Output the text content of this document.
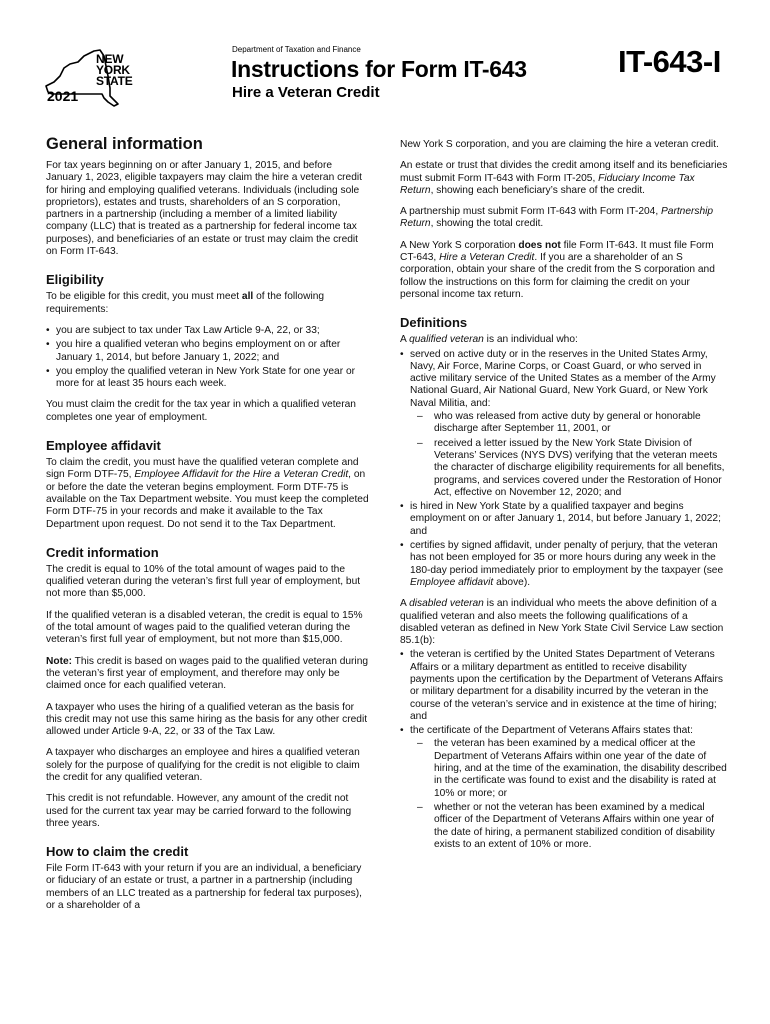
NEW
YORK
STATE
2021
Department of Taxation and Finance
Instructions for Form IT-643
Hire a Veteran Credit
IT-643-I
General information

For tax years beginning on or after January 1, 2015, and before January 1, 2023, eligible taxpayers may claim the hire a veteran credit for hiring and employing qualified veterans. Individuals (including sole proprietors), estates and trusts, shareholders of an S corporation, partners in a partnership (including a member of a limited liability company (LLC) that is treated as a partnership for federal income tax purposes), and beneficiaries of an estate or trust may claim the credit on Form IT-643.

Eligibility

To be eligible for this credit, you must meet all of the following requirements:

• you are subject to tax under Tax Law Article 9-A, 22, or 33;
• you hire a qualified veteran who begins employment on or after January 1, 2014, but before January 1, 2022; and
• you employ the qualified veteran in New York State for one year or more for at least 35 hours each week.

You must claim the credit for the tax year in which a qualified veteran completes one year of employment.

Employee affidavit

To claim the credit, you must have the qualified veteran complete and sign Form DTF-75, Employee Affidavit for the Hire a Veteran Credit, on or before the date the veteran begins employment. Form DTF-75 is available on the Tax Department website. You must keep the completed Form DTF-75 in your records and make it available to the Tax Department upon request. Do not send it to the Tax Department.

Credit information

The credit is equal to 10% of the total amount of wages paid to the qualified veteran during the veteran’s first full year of employment, but not more than $5,000.

If the qualified veteran is a disabled veteran, the credit is equal to 15% of the total amount of wages paid to the qualified veteran during the veteran’s first full year of employment, but not more than $15,000.

Note: This credit is based on wages paid to the qualified veteran during the veteran’s first year of employment, and therefore may only be claimed once for each qualified veteran.

A taxpayer who uses the hiring of a qualified veteran as the basis for this credit may not use this same hiring as the basis for any other credit allowed under Article 9-A, 22, or 33 of the Tax Law.

A taxpayer who discharges an employee and hires a qualified veteran solely for the purpose of qualifying for the credit is not eligible to claim the credit for any qualified veteran.

This credit is not refundable. However, any amount of the credit not used for the current tax year may be carried forward to the following three years.

How to claim the credit

File Form IT-643 with your return if you are an individual, a beneficiary or fiduciary of an estate or trust, a partner in a partnership (including members of an LLC treated as a partnership for federal tax purposes), or a shareholder of a

New York S corporation, and you are claiming the hire a veteran credit.

An estate or trust that divides the credit among itself and its beneficiaries must submit Form IT-643 with Form IT-205, Fiduciary Income Tax Return, showing each beneficiary’s share of the credit.

A partnership must submit Form IT-643 with Form IT-204, Partnership Return, showing the total credit.

A New York S corporation does not file Form IT-643. It must file Form CT-643, Hire a Veteran Credit. If you are a shareholder of an S corporation, obtain your share of the credit from the S corporation and follow the instructions on this form for claiming the credit on your personal income tax return.

Definitions

A qualified veteran is an individual who:

• served on active duty or in the reserves in the United States Army, Navy, Air Force, Marine Corps, or Coast Guard, or who served in active military service of the United States as a member of the Army National Guard, Air National Guard, New York Guard, or New York Naval Militia, and:
– who was released from active duty by general or honorable discharge after September 11, 2001, or
– received a letter issued by the New York State Division of Veterans’ Services (NYS DVS) verifying that the veteran meets the character of discharge eligibility requirements for all benefits, programs, and services covered under the Restoration of Honor Act, effective on November 12, 2020; and
• is hired in New York State by a qualified taxpayer and begins employment on or after January 1, 2014, but before January 1, 2022; and
• certifies by signed affidavit, under penalty of perjury, that the veteran has not been employed for 35 or more hours during any week in the 180-day period immediately prior to employment by the taxpayer (see Employee affidavit above).

A disabled veteran is an individual who meets the above definition of a qualified veteran and also meets the following qualifications of a disabled veteran as defined in New York State Civil Service Law section 85.1(b):

• the veteran is certified by the United States Department of Veterans Affairs or a military department as entitled to receive disability payments upon the certification by the Department of Veterans Affairs or military department for a disability incurred by the veteran in the course of the veteran’s service and in existence at the time of hiring; and
• the certificate of the Department of Veterans Affairs states that:
– the veteran has been examined by a medical officer at the Department of Veterans Affairs within one year of the date of hiring, and at the time of the examination, the disability described in the certificate was found to exist and the disability is rated at 10% or more; or
– whether or not the veteran has been examined by a medical officer of the Department of Veterans Affairs within one year of the date of hiring, a permanent stabilized condition of disability exists to an extent of 10% or more.
